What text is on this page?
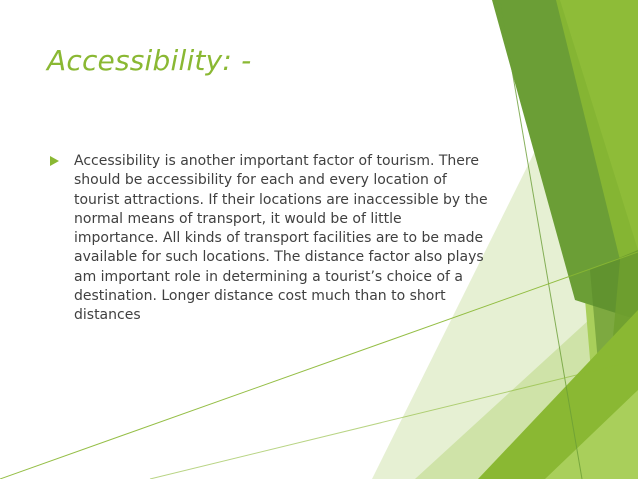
Accessibility: -
Accessibility is another important factor of tourism. There should be accessibility for each and every location of tourist attractions. If their locations are inaccessible by the normal means of transport, it would be of little importance. All kinds of transport facilities are to be made available for such locations. The distance factor also plays am important role in determining a tourist’s choice of a destination. Longer distance cost much than to short distances
